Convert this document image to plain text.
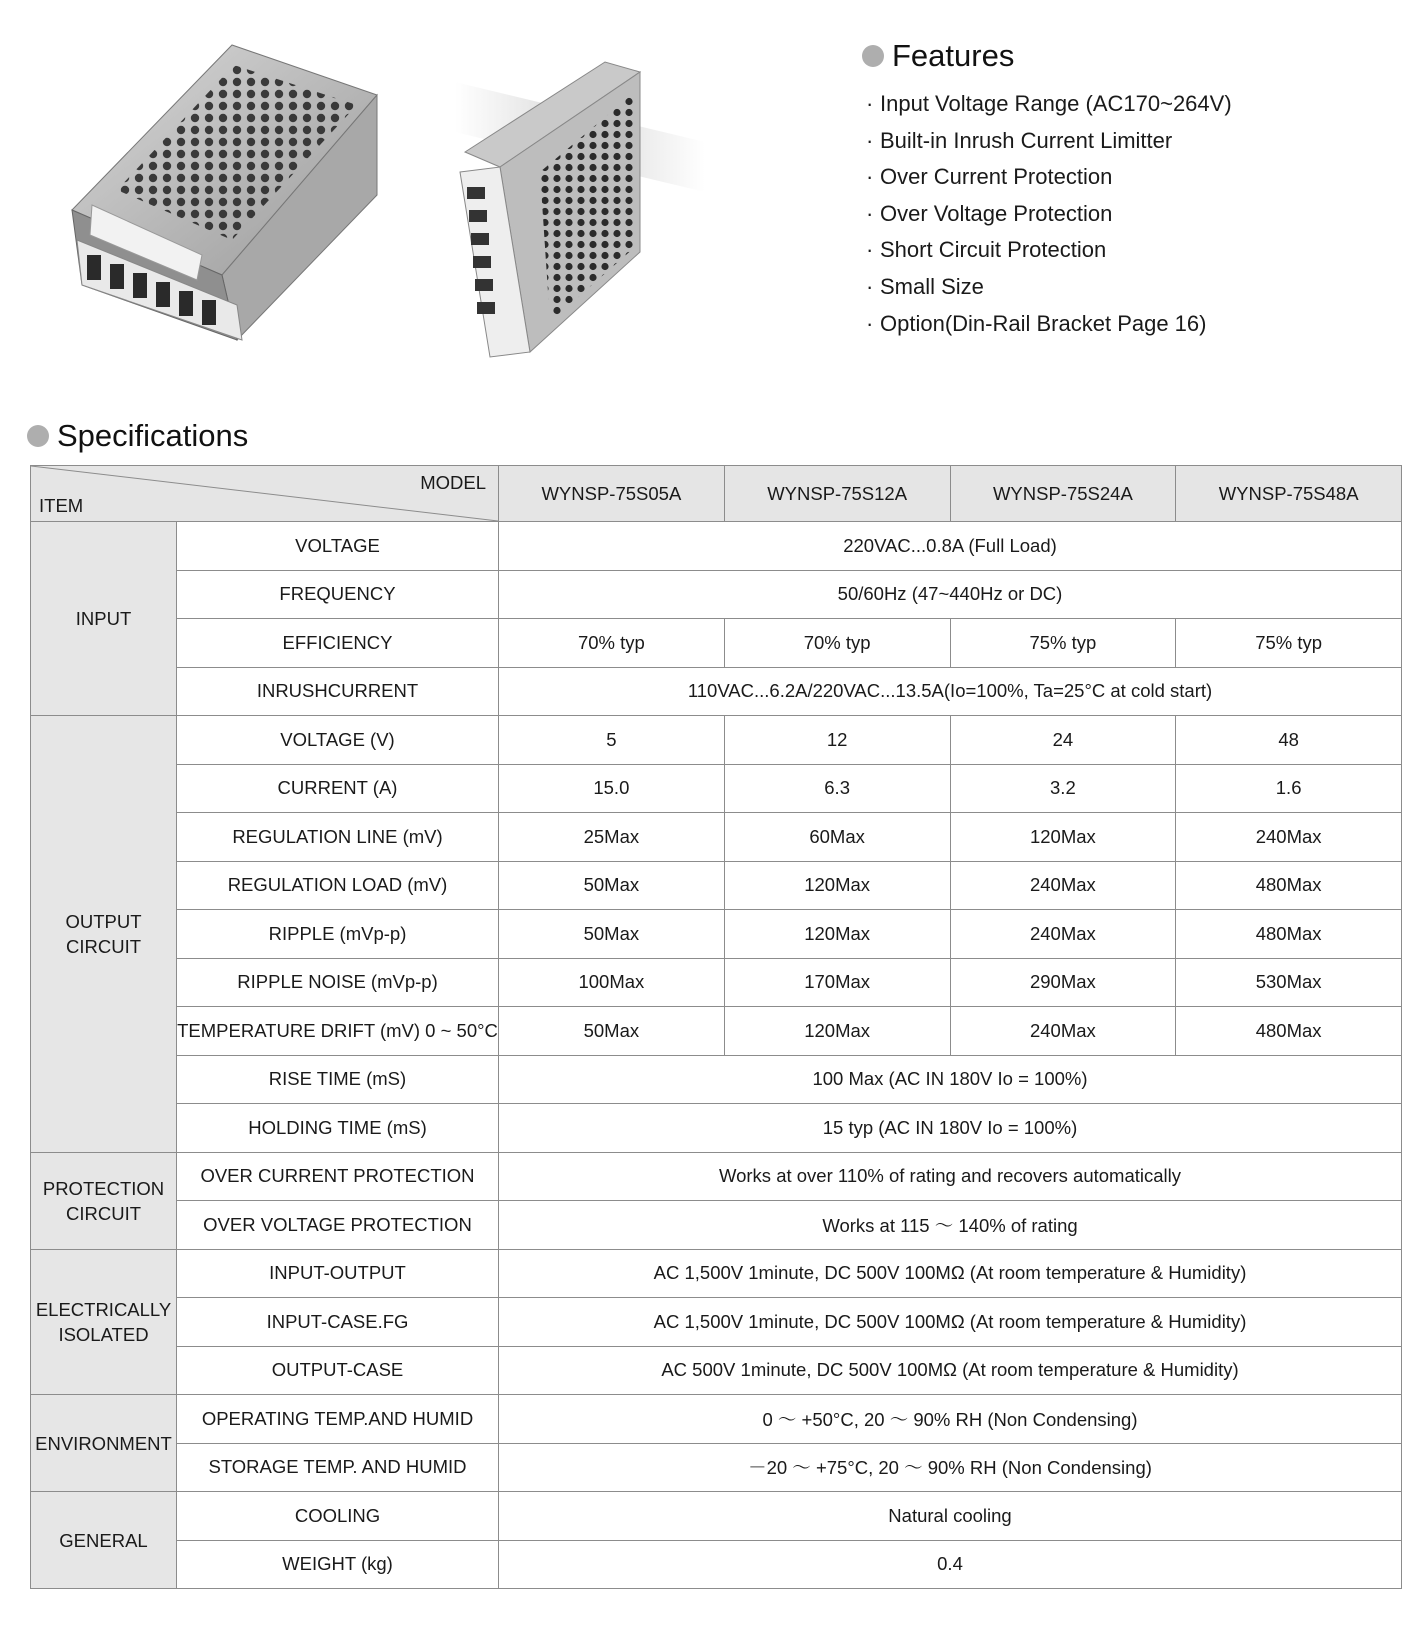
Features
· Input Voltage Range (AC170~264V)
· Built-in Inrush Current Limitter
· Over Current Protection
· Over Voltage Protection
· Short Circuit Protection
· Small Size
· Option(Din-Rail Bracket Page 16)
Specifications
MODEL
ITEM		WYNSP-75S05A	WYNSP-75S12A	WYNSP-75S24A	WYNSP-75S48A
INPUT	VOLTAGE	220VAC...0.8A (Full Load)			
	FREQUENCY	50/60Hz (47~440Hz or DC)			
	EFFICIENCY	70% typ	70% typ	75% typ	75% typ
	INRUSHCURRENT	110VAC...6.2A/220VAC...13.5A(Io=100%, Ta=25°C at cold start)			
OUTPUT CIRCUIT	VOLTAGE (V)	5	12	24	48
	CURRENT (A)	15.0	6.3	3.2	1.6
	REGULATION LINE (mV)	25Max	60Max	120Max	240Max
	REGULATION LOAD (mV)	50Max	120Max	240Max	480Max
	RIPPLE (mVp-p)	50Max	120Max	240Max	480Max
	RIPPLE NOISE (mVp-p)	100Max	170Max	290Max	530Max
	TEMPERATURE DRIFT (mV) 0 ~ 50°C	50Max	120Max	240Max	480Max
	RISE TIME (mS)	100 Max (AC IN 180V Io = 100%)			
	HOLDING TIME (mS)	15 typ (AC IN 180V Io = 100%)			
PROTECTION CIRCUIT	OVER CURRENT PROTECTION	Works at over 110% of rating and recovers automatically			
	OVER VOLTAGE PROTECTION	Works at 115 ～ 140% of rating			
ELECTRICALLY ISOLATED	INPUT-OUTPUT	AC 1,500V 1minute, DC 500V 100MΩ (At room temperature & Humidity)			
	INPUT-CASE.FG	AC 1,500V 1minute, DC 500V 100MΩ (At room temperature & Humidity)			
	OUTPUT-CASE	AC 500V 1minute, DC 500V 100MΩ (At room temperature & Humidity)			
ENVIRONMENT	OPERATING TEMP.AND HUMID	0 ～ +50°C, 20 ～ 90% RH (Non Condensing)			
	STORAGE TEMP. AND HUMID	－20 ～ +75°C, 20 ～ 90% RH (Non Condensing)			
GENERAL	COOLING	Natural cooling			
	WEIGHT (kg)	0.4			
